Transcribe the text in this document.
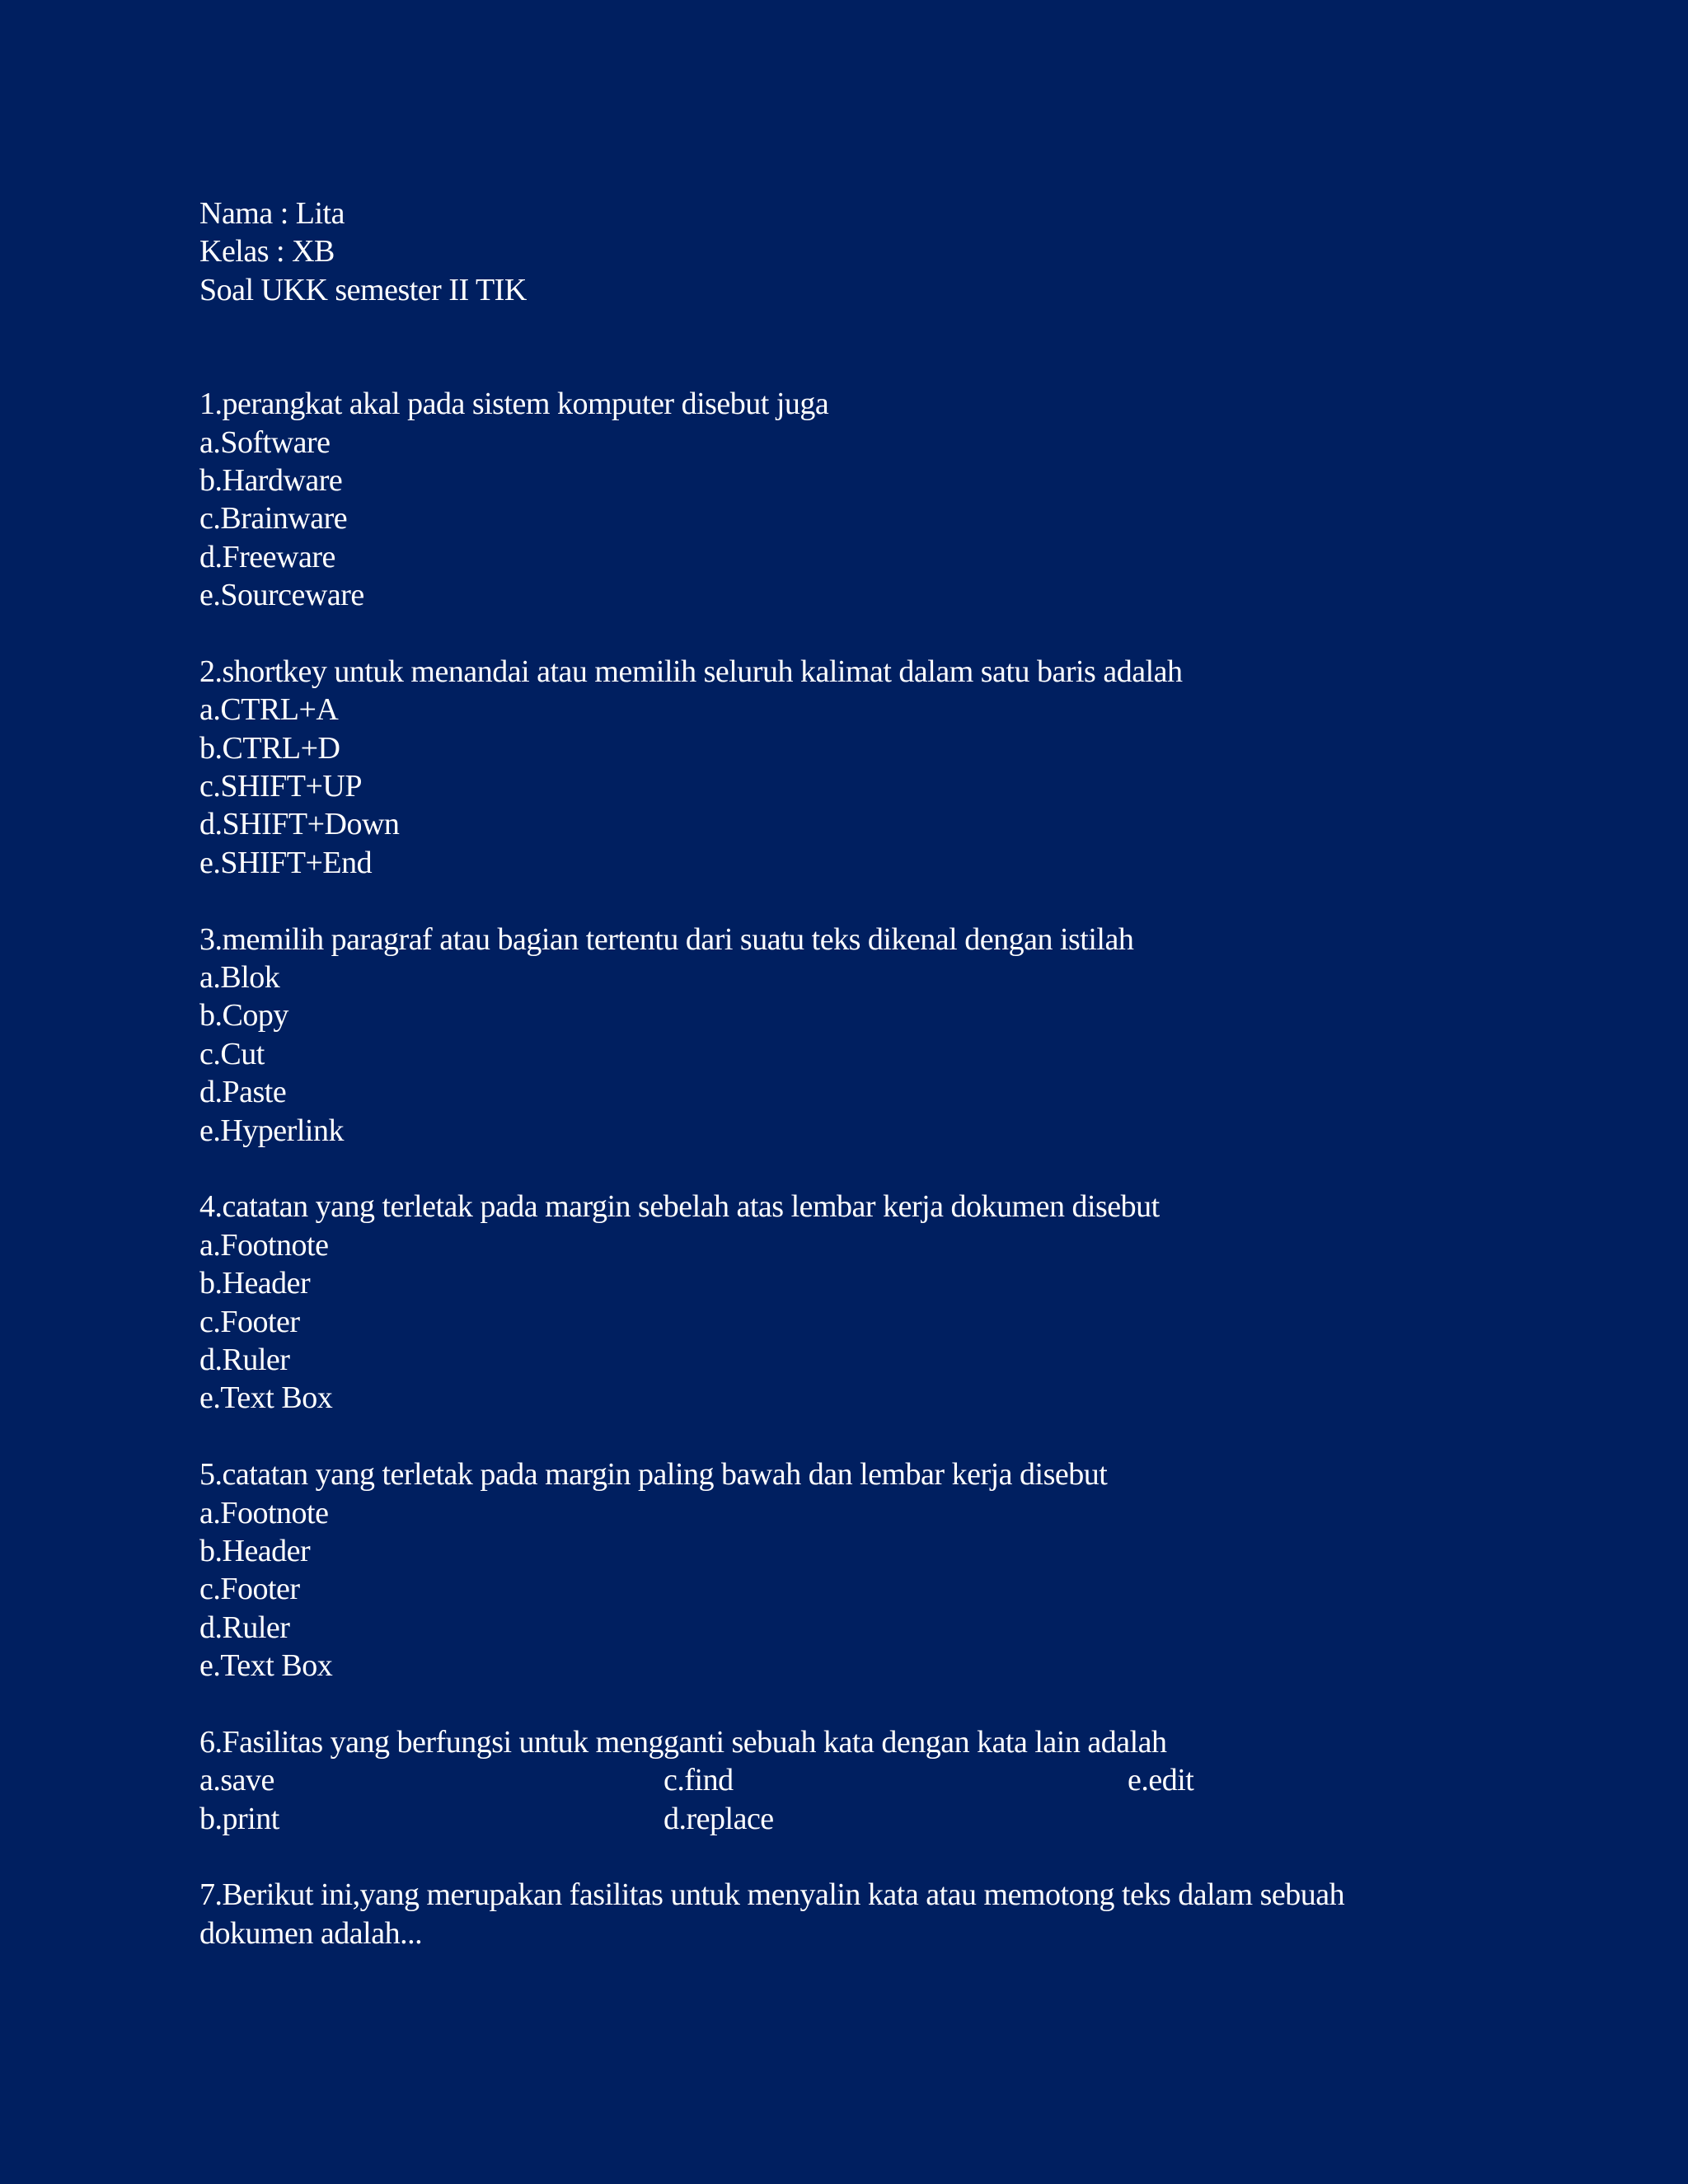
Nama : Lita
Kelas : XB
Soal UKK semester II TIK
1.perangkat akal pada sistem komputer disebut juga
a.Software
b.Hardware
c.Brainware
d.Freeware
e.Sourceware
2.shortkey untuk menandai atau memilih seluruh kalimat dalam satu baris adalah
a.CTRL+A
b.CTRL+D
c.SHIFT+UP
d.SHIFT+Down
e.SHIFT+End
3.memilih paragraf atau bagian tertentu dari suatu teks dikenal dengan istilah
a.Blok
b.Copy
c.Cut
d.Paste
e.Hyperlink
4.catatan yang terletak pada margin sebelah atas lembar kerja dokumen disebut
a.Footnote
b.Header
c.Footer
d.Ruler
e.Text Box
5.catatan yang terletak pada margin paling bawah dan lembar kerja disebut
a.Footnote
b.Header
c.Footer
d.Ruler
e.Text Box
6.Fasilitas yang berfungsi untuk mengganti sebuah kata dengan kata lain adalah
a.save	c.find	e.edit
b.print	d.replace
7.Berikut ini,yang merupakan fasilitas untuk menyalin kata atau memotong teks dalam sebuah
dokumen adalah...
